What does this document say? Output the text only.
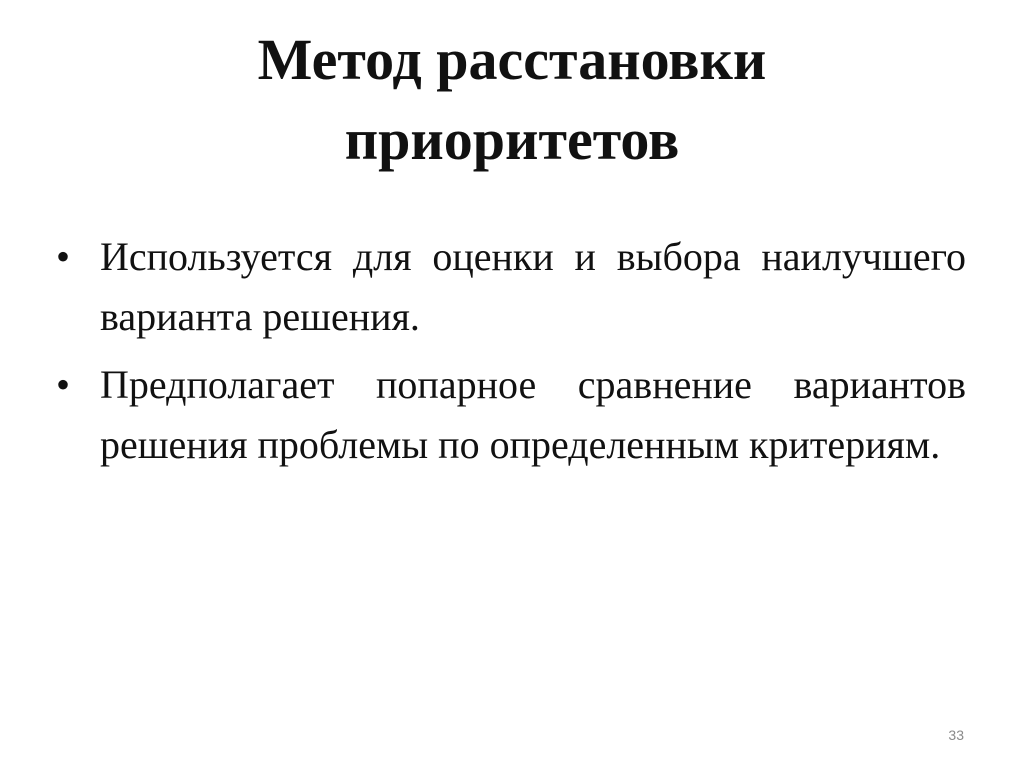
Метод расстановки
приоритетов
• Используется для оценки и выбора наилучшего варианта решения.
• Предполагает попарное сравнение вариантов решения проблемы по определенным критериям.
33
